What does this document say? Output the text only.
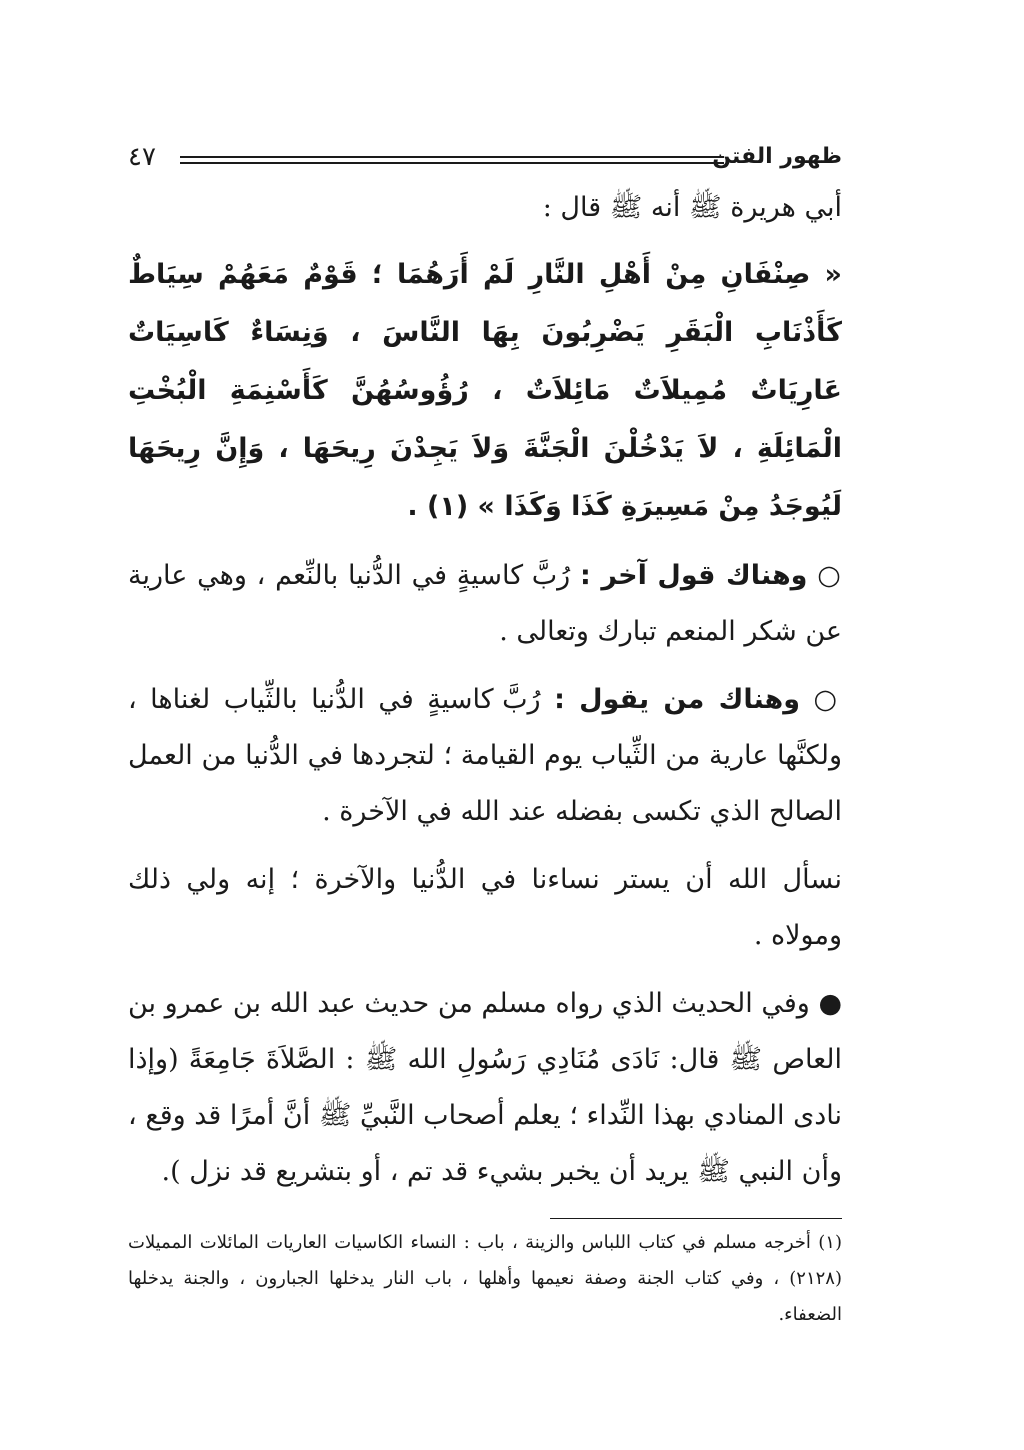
ظهور الفتن
٤٧

أبي هريرة ﷺ أنه ﷺ قال :

« صِنْفَانِ مِنْ أَهْلِ النَّارِ لَمْ أَرَهُمَا ؛ قَوْمٌ مَعَهُمْ سِيَاطٌ كَأَذْنَابِ الْبَقَرِ يَضْرِبُونَ بِهَا النَّاسَ ، وَنِسَاءٌ كَاسِيَاتٌ عَارِيَاتٌ مُمِيلاَتٌ مَائِلاَتٌ ، رُؤُوسُهُنَّ كَأَسْنِمَةِ الْبُخْتِ الْمَائِلَةِ ، لاَ يَدْخُلْنَ الْجَنَّةَ وَلاَ يَجِدْنَ رِيحَهَا ، وَإِنَّ رِيحَهَا لَيُوجَدُ مِنْ مَسِيرَةِ كَذَا وَكَذَا » (١) .

○ وهناك قول آخر : رُبَّ كاسيةٍ في الدُّنيا بالنِّعم ، وهي عارية عن شكر المنعم تبارك وتعالى .

○ وهناك من يقول : رُبَّ كاسيةٍ في الدُّنيا بالثِّياب لغناها ، ولكنَّها عارية من الثِّياب يوم القيامة ؛ لتجردها في الدُّنيا من العمل الصالح الذي تكسى بفضله عند الله في الآخرة .

نسأل الله أن يستر نساءنا في الدُّنيا والآخرة ؛ إنه ولي ذلك ومولاه .

● وفي الحديث الذي رواه مسلم من حديث عبد الله بن عمرو بن العاص ﷺ قال: نَادَى مُنَادِي رَسُولِ الله ﷺ : الصَّلاَةَ جَامِعَةً (وإذا نادى المنادي بهذا النِّداء ؛ يعلم أصحاب النَّبيِّ ﷺ أنَّ أمرًا قد وقع ، وأن النبي ﷺ يريد أن يخبر بشيء قد تم ، أو بتشريع قد نزل ).

(١) أخرجه مسلم في كتاب اللباس والزينة ، باب : النساء الكاسيات العاريات المائلات المميلات (٢١٢٨) ، وفي كتاب الجنة وصفة نعيمها وأهلها ، باب النار يدخلها الجبارون ، والجنة يدخلها الضعفاء.
